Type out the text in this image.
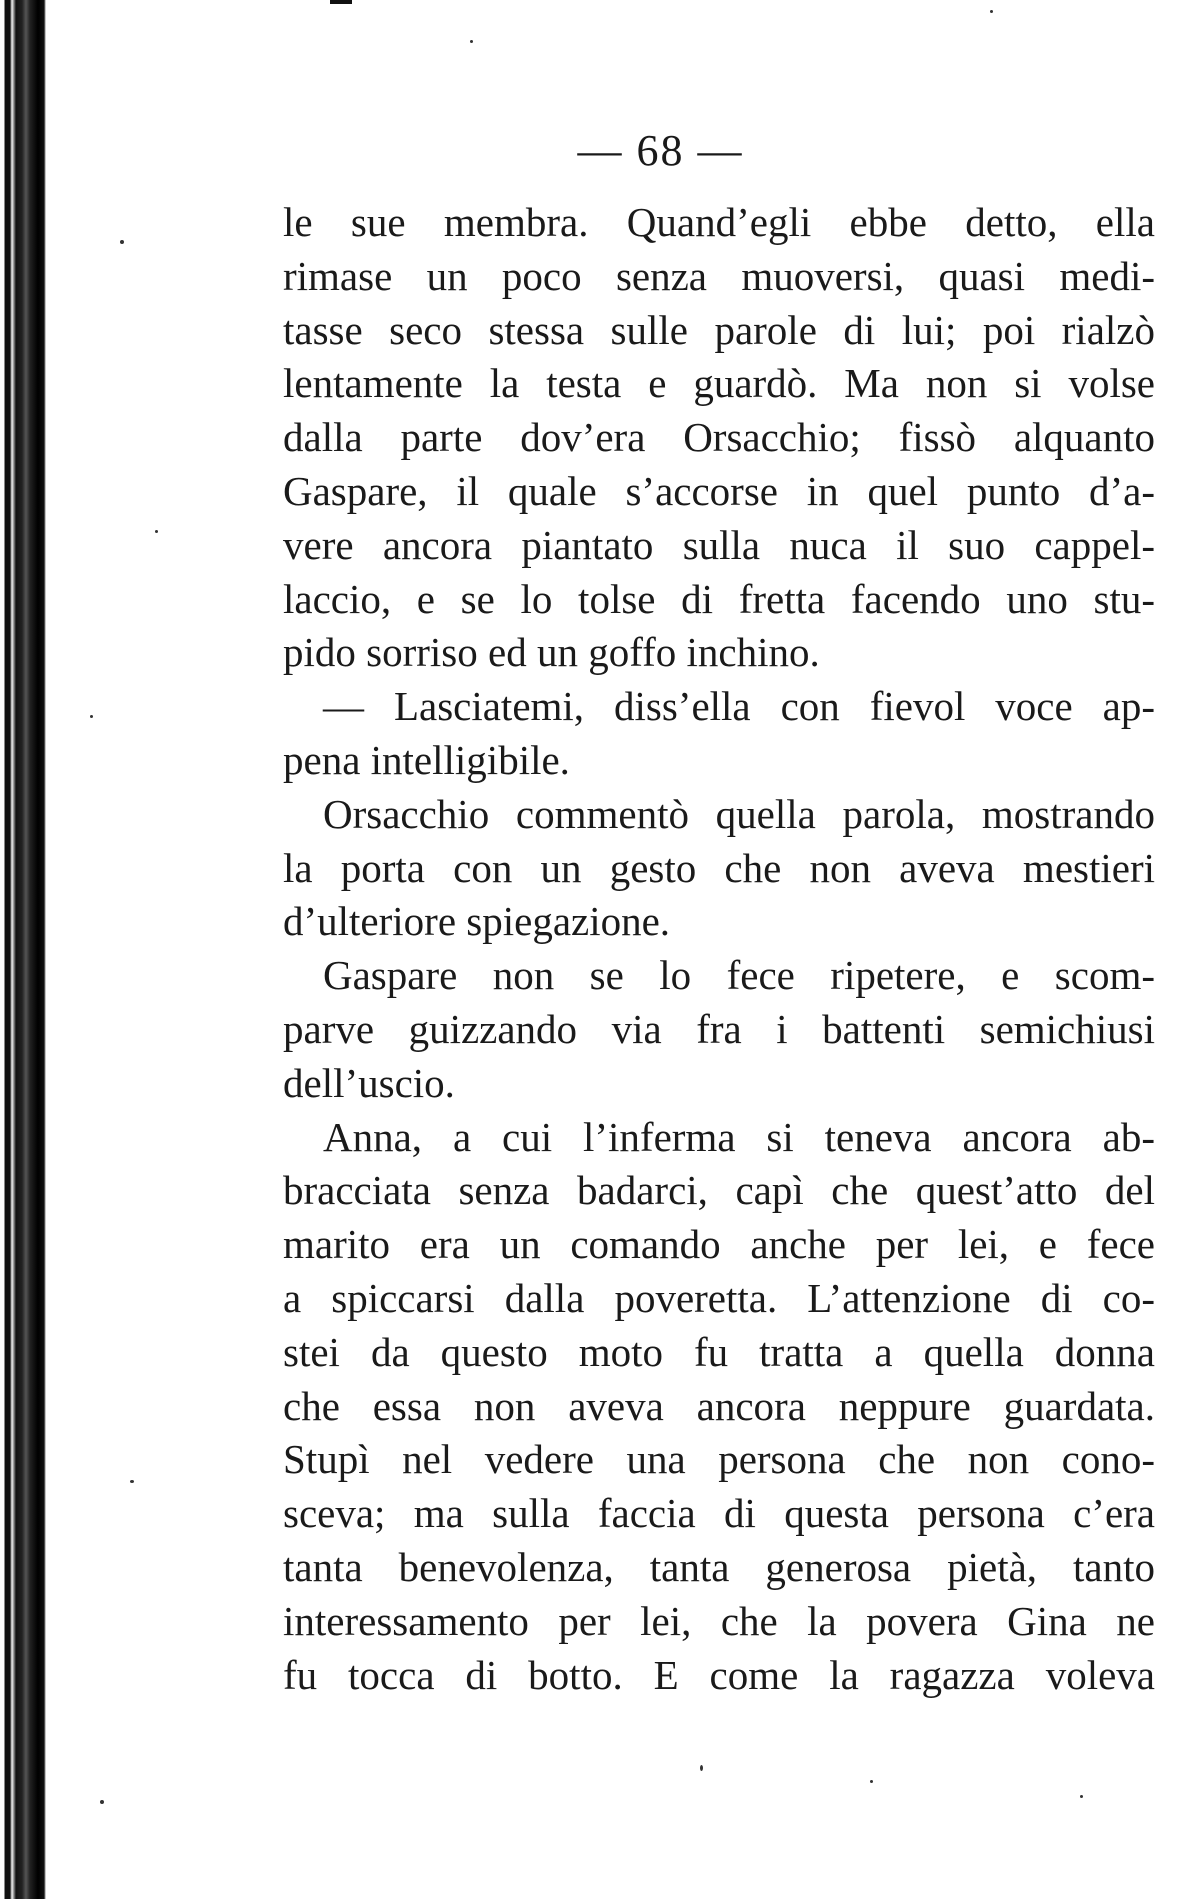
— 68 —
le sue membra. Quand’egli ebbe detto, ella
rimase un poco senza muoversi, quasi medi-
tasse seco stessa sulle parole di lui; poi rialzò
lentamente la testa e guardò. Ma non si volse
dalla parte dov’era Orsacchio; fissò alquanto
Gaspare, il quale s’accorse in quel punto d’a-
vere ancora piantato sulla nuca il suo cappel-
laccio, e se lo tolse di fretta facendo uno stu-
pido sorriso ed un goffo inchino.
— Lasciatemi, diss’ella con fievol voce ap-
pena intelligibile.
Orsacchio commentò quella parola, mostrando
la porta con un gesto che non aveva mestieri
d’ulteriore spiegazione.
Gaspare non se lo fece ripetere, e scom-
parve guizzando via fra i battenti semichiusi
dell’uscio.
Anna, a cui l’inferma si teneva ancora ab-
bracciata senza badarci, capì che quest’atto del
marito era un comando anche per lei, e fece
a spiccarsi dalla poveretta. L’attenzione di co-
stei da questo moto fu tratta a quella donna
che essa non aveva ancora neppure guardata.
Stupì nel vedere una persona che non cono-
sceva; ma sulla faccia di questa persona c’era
tanta benevolenza, tanta generosa pietà, tanto
interessamento per lei, che la povera Gina ne
fu tocca di botto. E come la ragazza voleva
